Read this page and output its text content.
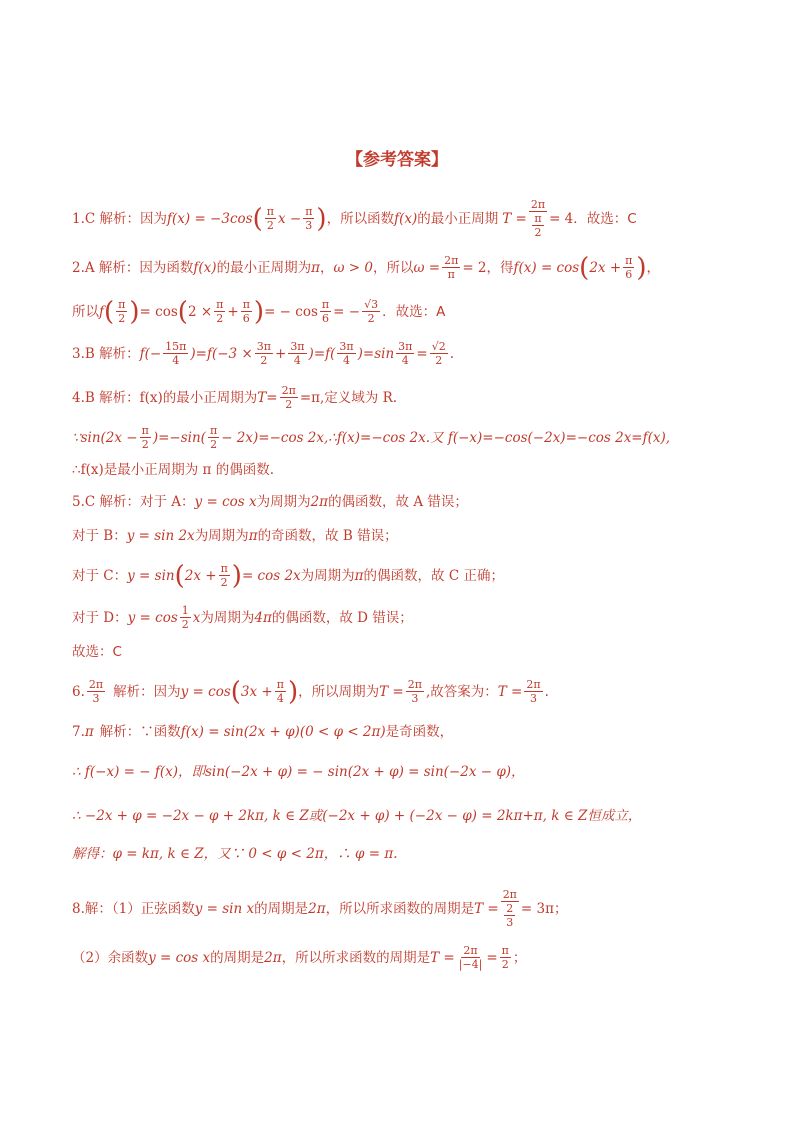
【参考答案】
1.C 解析：因为 f(x) = −3cos ( $\frac{\pi}{2}$ $x - \frac{\pi}{3}$ ) ，所以函数 f(x) 的最小正周期 $T = \frac{2\pi}{\frac{\pi}{2}} = 4$ ．故选：C
2.A 解析：因为函数 f(x) 的最小正周期为 π ， ω > 0 ，所以 $\omega = \frac{2\pi}{\pi} = 2$ ，得 f(x) = cos ( $2x + \frac{\pi}{6}$ ) ，
所以 f ( $\frac{\pi}{2}$ ) = cos ( $2 \times \frac{\pi}{2} + \frac{\pi}{6}$ ) = − $\cos \frac{\pi}{6}$ = − $\frac{√3}{2}$ ．故选：A
3.B 解析： $f(- \frac{15\pi}{4} )=f(-3 \times \frac{3\pi}{2} + \frac{3\pi}{4} )=f( \frac{3\pi}{4} )=\sin \frac{3\pi}{4} = \frac{√2}{2}$ .
4.B 解析： f(x)的最小正周期为 $T= \frac{2\pi}{2} =\pi$,定义域为 R.
∵sin(2x − $\frac{\pi}{2} )=-\sin( \frac{\pi}{2} - 2x)=-\cos$ 2x,∴f(x)=−cos 2x.又 f(−x)=−cos(−2x)=−cos 2x=f(x),
∴f(x)是最小正周期为 π 的偶函数.
5.C 解析：对于 A： y = cos x 为周期为 2π 的偶函数，故 A 错误；
对于 B： y = sin 2x 为周期为 π 的奇函数，故 B 错误；
对于 C： y = sin ( $2x + \frac{\pi}{2}$ ) = cos 2x 为周期为 π 的偶函数，故 C 正确；
对于 D： $y = \cos \frac{1}{2}$ x 为周期为 4π 的偶函数，故 D 错误；
故选：C
6. $\frac{2\pi}{3}$ 解析：因为 y = cos ( $3x + \frac{\pi}{4}$ ) ，所以周期为 $T = \frac{2\pi}{3}$ ,故答案为： $T = \frac{2\pi}{3}$ .
7. π 解析：∵函数 f(x) = sin(2x + φ)(0 < φ < 2π) 是奇函数，
∴ f(−x) = − f(x)，即sin(−2x + φ) = − sin(2x + φ) = sin(−2x − φ)，
∴ −2x + φ = −2x − φ + 2kπ, k ∈ Z或(−2x + φ) + (−2x − φ) = 2kπ+π, k ∈ Z恒成立，
解得：φ = kπ, k ∈ Z，又∵ 0 < φ < 2π，∴ φ = π.
8.解：（1）正弦函数 y = sin x 的周期是 2π ，所以所求函数的周期是 $T = \frac{2\pi}{\frac{2}{3}} = 3\pi$ ；
（2）余函数 y = cos x 的周期是 2π ，所以所求函数的周期是 $T = \frac{2\pi}{|-4|} = \frac{\pi}{2}$ ；
